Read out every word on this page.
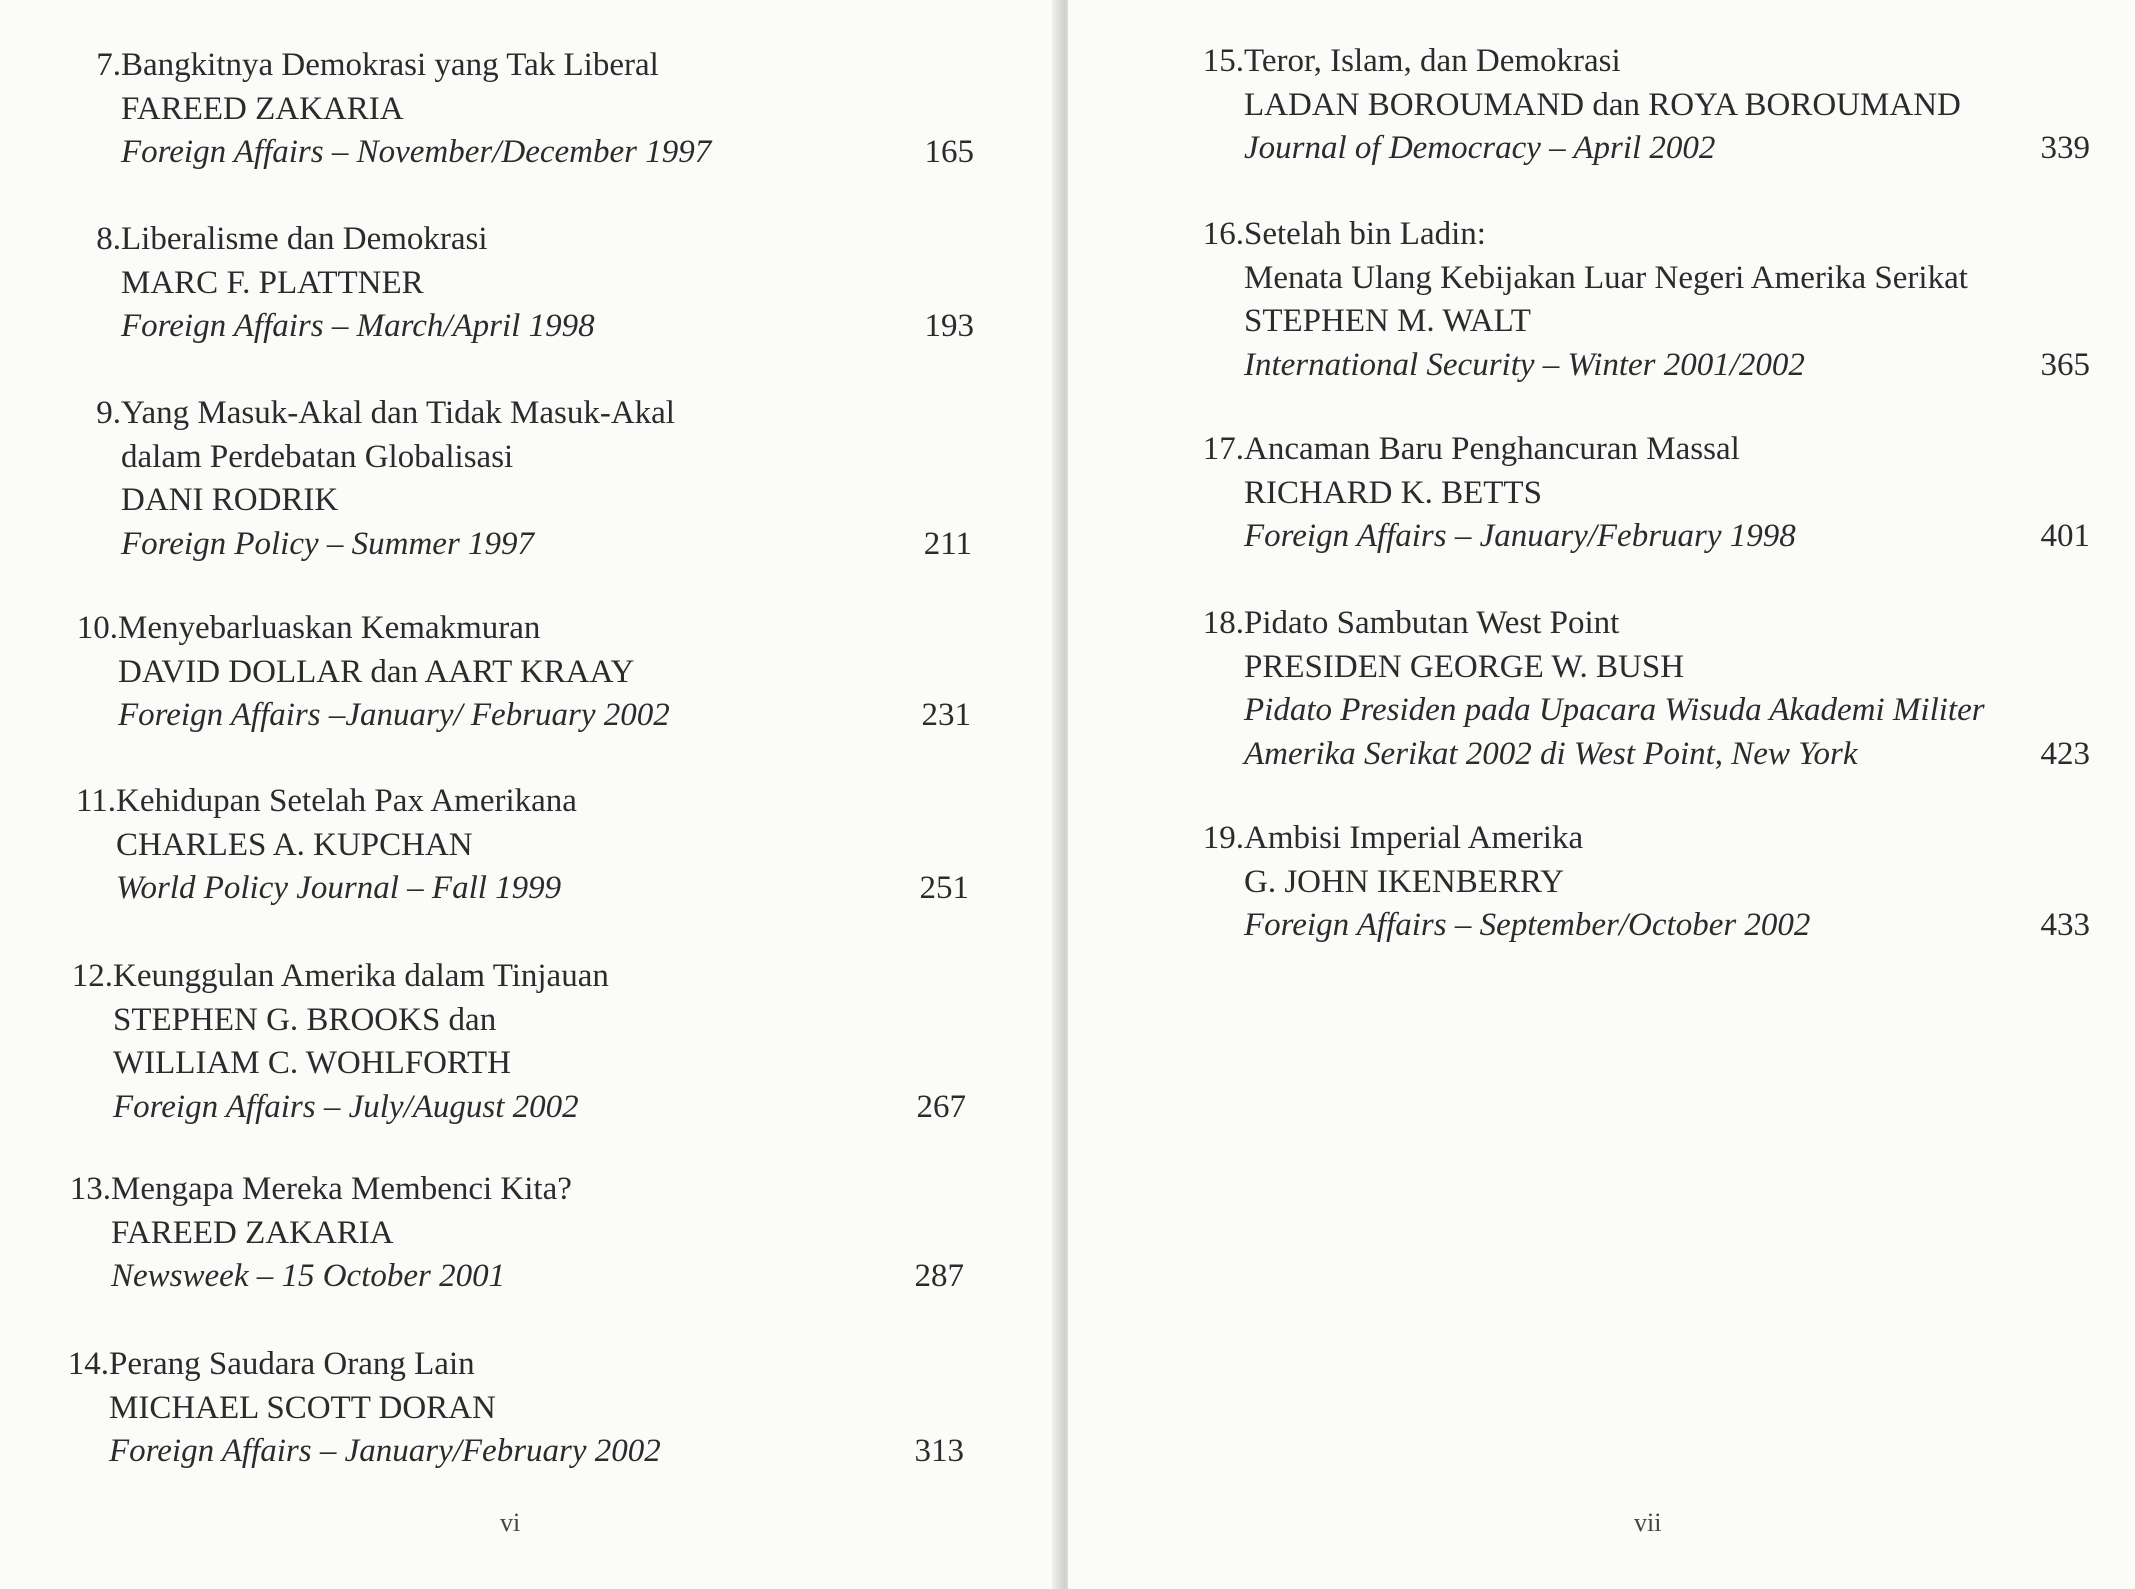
7. Bangkitnya Demokrasi yang Tak Liberal
FAREED ZAKARIA
Foreign Affairs – November/December 1997	165
8. Liberalisme dan Demokrasi
MARC F. PLATTNER
Foreign Affairs – March/April 1998	193
9. Yang Masuk-Akal dan Tidak Masuk-Akal
dalam Perdebatan Globalisasi
DANI RODRIK
Foreign Policy – Summer 1997	211
10. Menyebarluaskan Kemakmuran
DAVID DOLLAR dan AART KRAAY
Foreign Affairs –January/ February 2002	231
11. Kehidupan Setelah Pax Amerikana
CHARLES A. KUPCHAN
World Policy Journal – Fall 1999	251
12. Keunggulan Amerika dalam Tinjauan
STEPHEN G. BROOKS dan
WILLIAM C. WOHLFORTH
Foreign Affairs – July/August 2002	267
13. Mengapa Mereka Membenci Kita?
FAREED ZAKARIA
Newsweek – 15 October 2001	287
14. Perang Saudara Orang Lain
MICHAEL SCOTT DORAN
Foreign Affairs – January/February 2002	313
vi
15. Teror, Islam, dan Demokrasi
LADAN BOROUMAND dan ROYA BOROUMAND
Journal of Democracy – April 2002	339
16. Setelah bin Ladin:
Menata Ulang Kebijakan Luar Negeri Amerika Serikat
STEPHEN M. WALT
International Security – Winter 2001/2002	365
17. Ancaman Baru Penghancuran Massal
RICHARD K. BETTS
Foreign Affairs – January/February 1998	401
18. Pidato Sambutan West Point
PRESIDEN GEORGE W. BUSH
Pidato Presiden pada Upacara Wisuda Akademi Militer
Amerika Serikat 2002 di West Point, New York	423
19. Ambisi Imperial Amerika
G. JOHN IKENBERRY
Foreign Affairs – September/October 2002	433
vii
